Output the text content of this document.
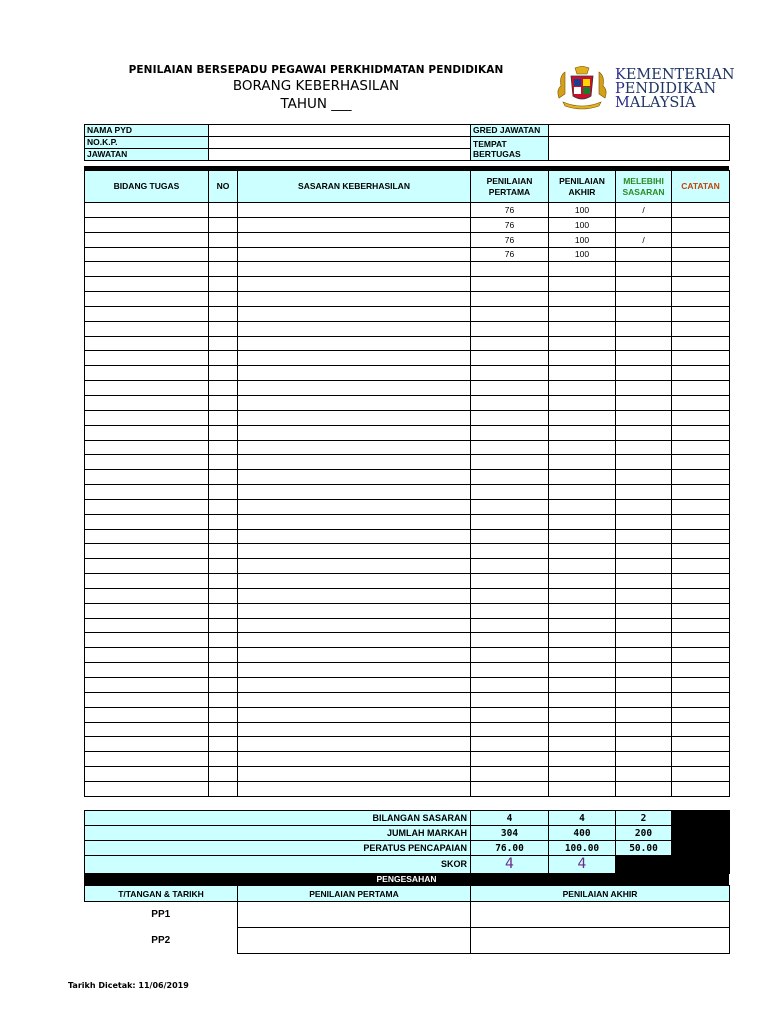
PENILAIAN BERSEPADU PEGAWAI PERKHIDMATAN PENDIDIKAN
BORANG KEBERHASILAN
TAHUN ___
KEMENTERIAN
PENDIDIKAN
MALAYSIA
NAMA PYD		GRED JAWATAN	
NO.K.P.		TEMPAT BERTUGAS	
JAWATAN			
BIDANG TUGAS	NO	SASARAN KEBERHASILAN	PENILAIAN PERTAMA	PENILAIAN AKHIR	MELEBIHI SASARAN	CATATAN
			76	100	/	
			76	100		
			76	100	/	
			76	100		

BILANGAN SASARAN	4	4	2	
JUMLAH MARKAH	304	400	200	
PERATUS PENCAPAIAN	76.00	100.00	50.00	
SKOR	4	4		
PENGESAHAN
T/TANGAN & TARIKH	PENILAIAN PERTAMA	PENILAIAN AKHIR
PP1		
PP2		
Tarikh Dicetak: 11/06/2019
